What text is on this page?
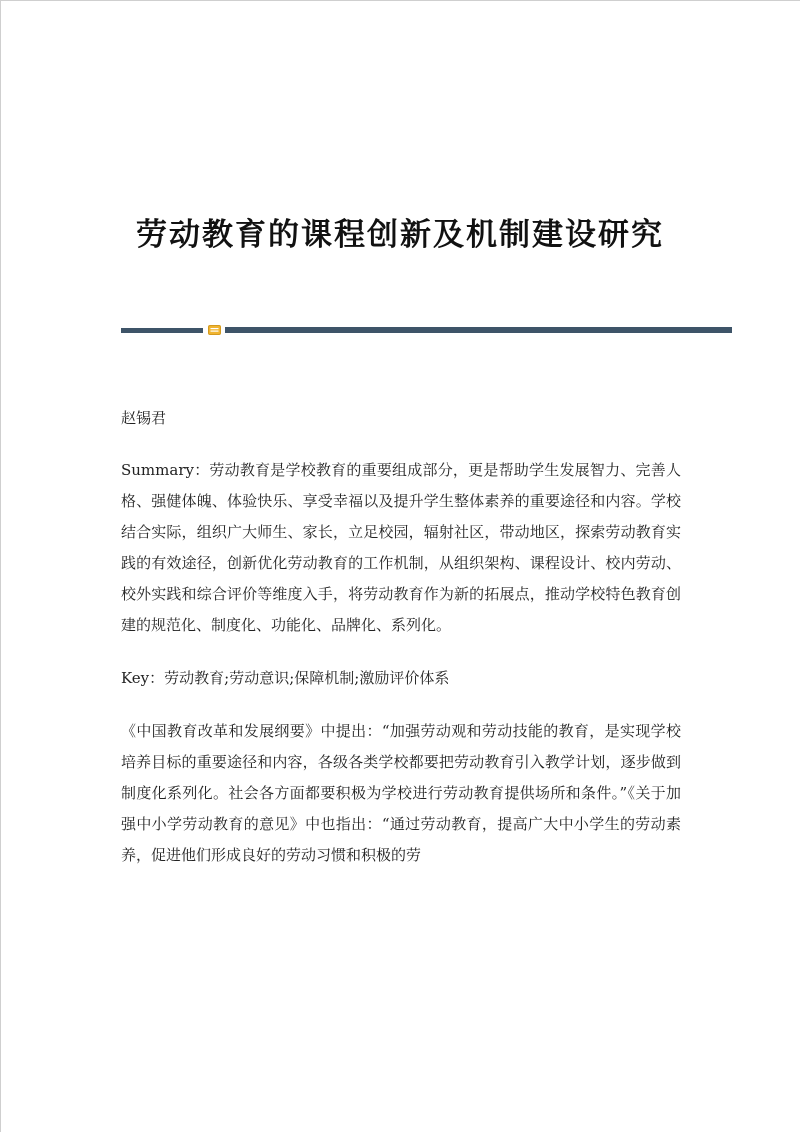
劳动教育的课程创新及机制建设研究

赵锡君

Summary：劳动教育是学校教育的重要组成部分，更是帮助学生发展智力、完善人格、强健体魄、体验快乐、享受幸福以及提升学生整体素养的重要途径和内容。学校结合实际，组织广大师生、家长，立足校园，辐射社区，带动地区，探索劳动教育实践的有效途径，创新优化劳动教育的工作机制，从组织架构、课程设计、校内劳动、校外实践和综合评价等维度入手，将劳动教育作为新的拓展点，推动学校特色教育创建的规范化、制度化、功能化、品牌化、系列化。

Key：劳动教育;劳动意识;保障机制;激励评价体系

《中国教育改革和发展纲要》中提出：“加强劳动观和劳动技能的教育，是实现学校培养目标的重要途径和内容，各级各类学校都要把劳动教育引入教学计划，逐步做到制度化系列化。社会各方面都要积极为学校进行劳动教育提供场所和条件。”《关于加强中小学劳动教育的意见》中也指出：“通过劳动教育，提高广大中小学生的劳动素养，促进他们形成良好的劳动习惯和积极的劳
